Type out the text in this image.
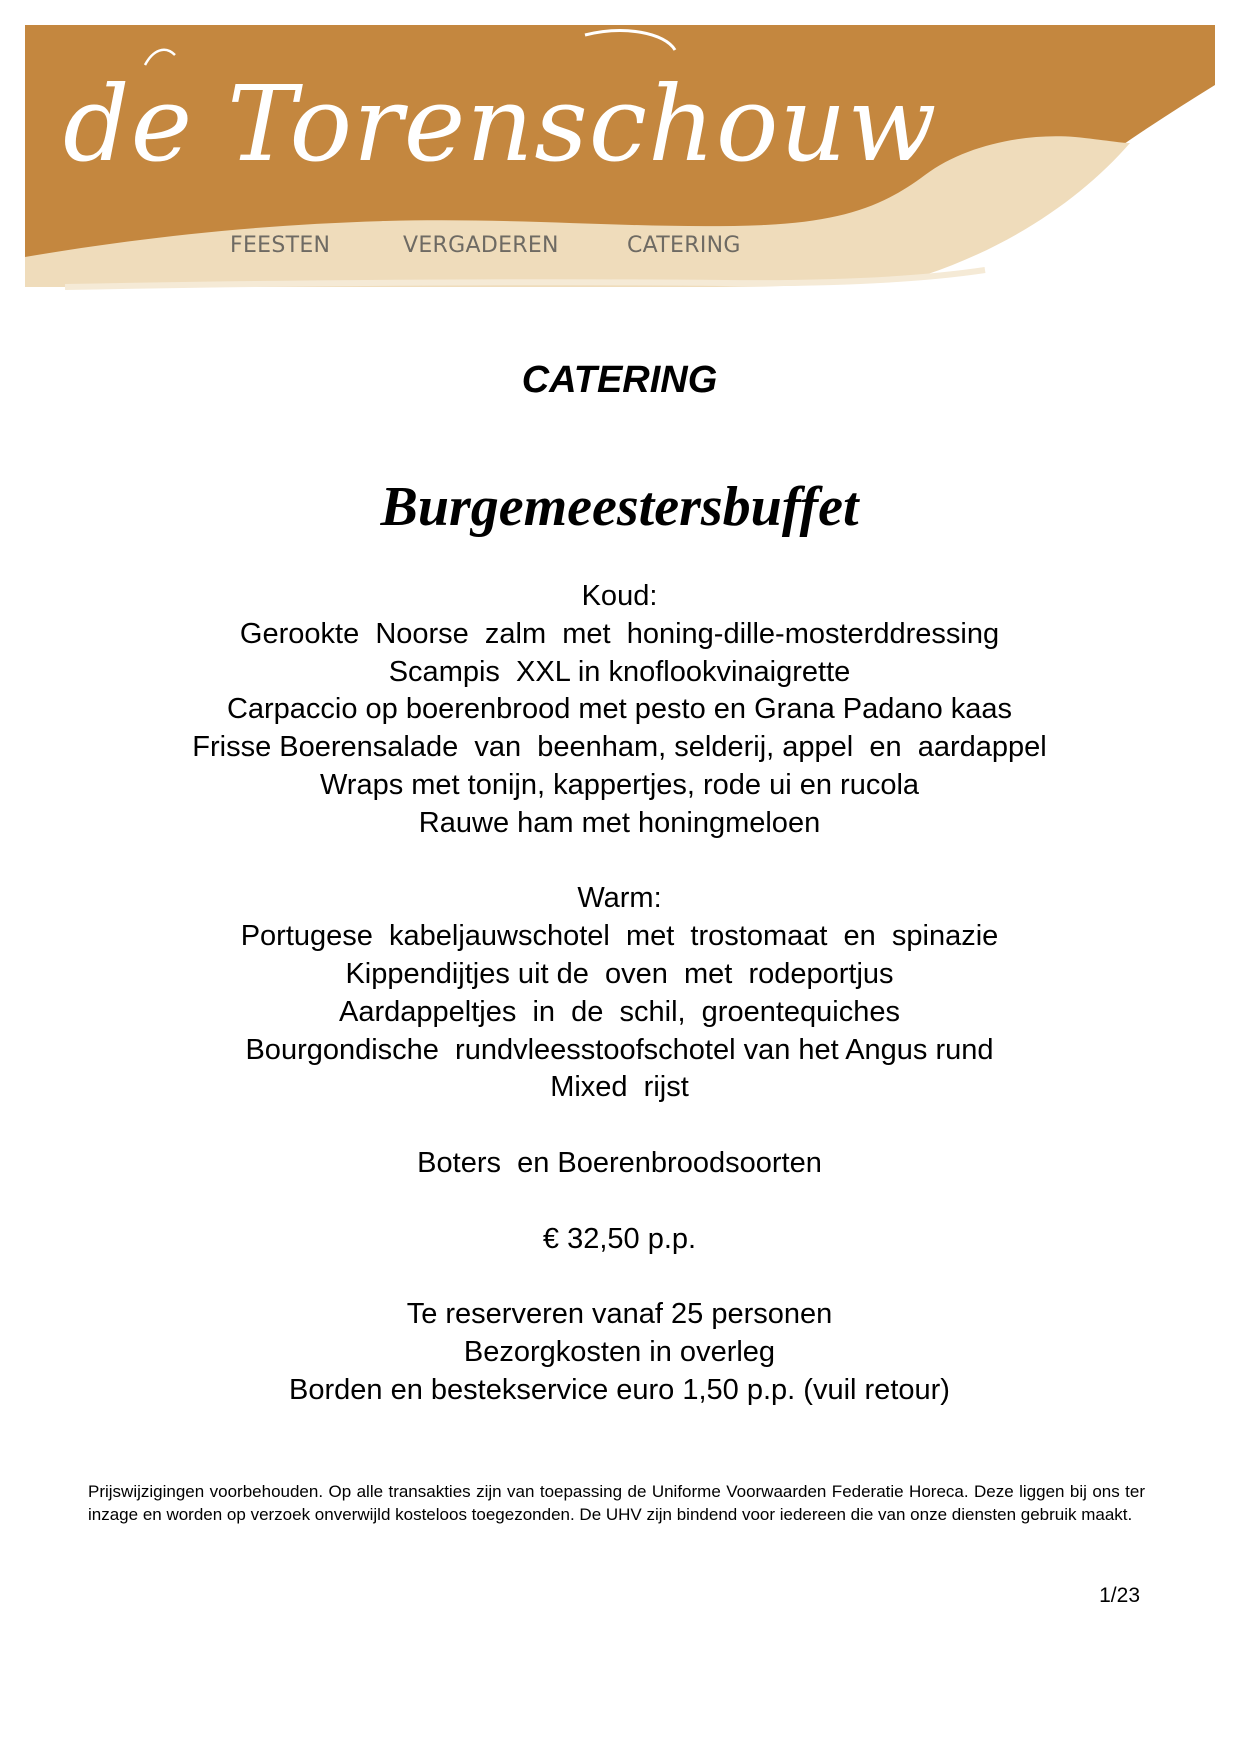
de Torenschouw
FEESTEN	VERGADEREN	CATERING
CATERING
Burgemeestersbuffet
Koud:
Gerookte  Noorse  zalm  met  honing-dille-mosterddressing
Scampis  XXL in knoflookvinaigrette
Carpaccio op boerenbrood met pesto en Grana Padano kaas
Frisse Boerensalade  van  beenham, selderij, appel  en  aardappel
Wraps met tonijn, kappertjes, rode ui en rucola
Rauwe ham met honingmeloen
Warm:
Portugese  kabeljauwschotel  met  trostomaat  en  spinazie
Kippendijtjes uit de  oven  met  rodeportjus
Aardappeltjes  in  de  schil,  groentequiches
Bourgondische  rundvleesstoofschotel van het Angus rund
Mixed  rijst
Boters  en Boerenbroodsoorten
€ 32,50 p.p.
Te reserveren vanaf 25 personen
Bezorgkosten in overleg
Borden en bestekservice euro 1,50 p.p. (vuil retour)

Prijswijzigingen voorbehouden. Op alle transakties zijn van toepassing de Uniforme Voorwaarden Federatie Horeca. Deze liggen bij ons ter inzage en worden op verzoek onverwijld kosteloos toegezonden. De UHV zijn bindend voor iedereen die van onze diensten gebruik maakt.

1/23
